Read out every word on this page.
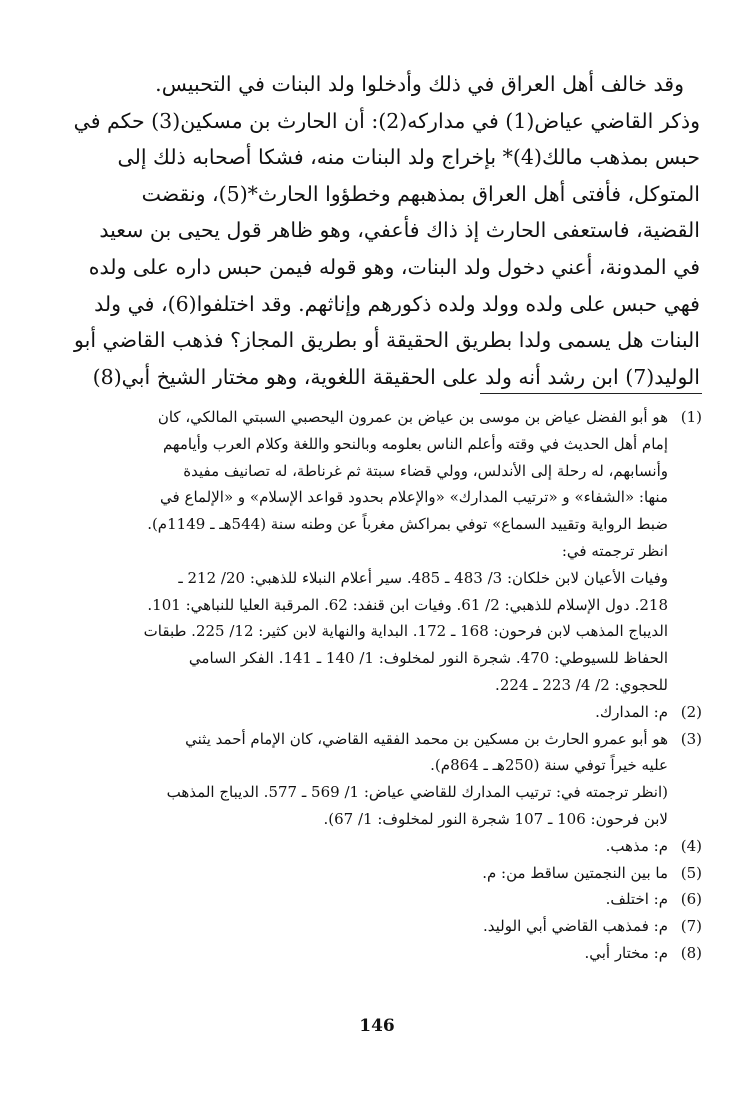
وقد خالف أهل العراق في ذلك وأدخلوا ولد البنات في التحبيس.
وذكر القاضي عياض(1) في مداركه(2): أن الحارث بن مسكين(3) حكم في
حبس بمذهب مالك(4)* بإخراج ولد البنات منه، فشكا أصحابه ذلك إلى
المتوكل، فأفتى أهل العراق بمذهبهم وخطؤوا الحارث*(5)، ونقضت
القضية، فاستعفى الحارث إذ ذاك فأعفي، وهو ظاهر قول يحيى بن سعيد
في المدونة، أعني دخول ولد البنات، وهو قوله فيمن حبس داره على ولده
فهي حبس على ولده وولد ولده ذكورهم وإناثهم. وقد اختلفوا(6)، في ولد
البنات هل يسمى ولدا بطريق الحقيقة أو بطريق المجاز؟ فذهب القاضي أبو
الوليد(7) ابن رشد أنه ولد على الحقيقة اللغوية، وهو مختار الشيخ أبي(8)
(1)
هو أبو الفضل عياض بن موسى بن عياض بن عمرون اليحصبي السبتي المالكي، كان
إمام أهل الحديث في وقته وأعلم الناس بعلومه وبالنحو واللغة وكلام العرب وأيامهم
وأنسابهم، له رحلة إلى الأندلس، وولي قضاء سبتة ثم غرناطة، له تصانيف مفيدة
منها: «الشفاء» و «ترتيب المدارك» «والإعلام بحدود قواعد الإسلام» و «الإلماع في
ضبط الرواية وتقييد السماع» توفي بمراكش مغرباً عن وطنه سنة (544هـ ـ 1149م).
انظر ترجمته في:
وفيات الأعيان لابن خلكان: 3/ 483 ـ 485. سير أعلام النبلاء للذهبي: 20/ 212 ـ
218. دول الإسلام للذهبي: 2/ 61. وفيات ابن قنفد: 62. المرقبة العليا للنباهي: 101.
الديباج المذهب لابن فرحون: 168 ـ 172. البداية والنهاية لابن كثير: 12/ 225. طبقات
الحفاظ للسيوطي: 470. شجرة النور لمخلوف: 1/ 140 ـ 141. الفكر السامي
للحجوي: 2/ 4/ 223 ـ 224.
(2)
م: المدارك.
(3)
هو أبو عمرو الحارث بن مسكين بن محمد الفقيه القاضي، كان الإمام أحمد يثني
عليه خيراً توفي سنة (250هـ ـ 864م).
(انظر ترجمته في: ترتيب المدارك للقاضي عياض: 1/ 569 ـ 577. الديباج المذهب
لابن فرحون: 106 ـ 107 شجرة النور لمخلوف: 1/ 67).
(4)
م: مذهب.
(5)
ما بين النجمتين ساقط من: م.
(6)
م: اختلف.
(7)
م: فمذهب القاضي أبي الوليد.
(8)
م: مختار أبي.
146
